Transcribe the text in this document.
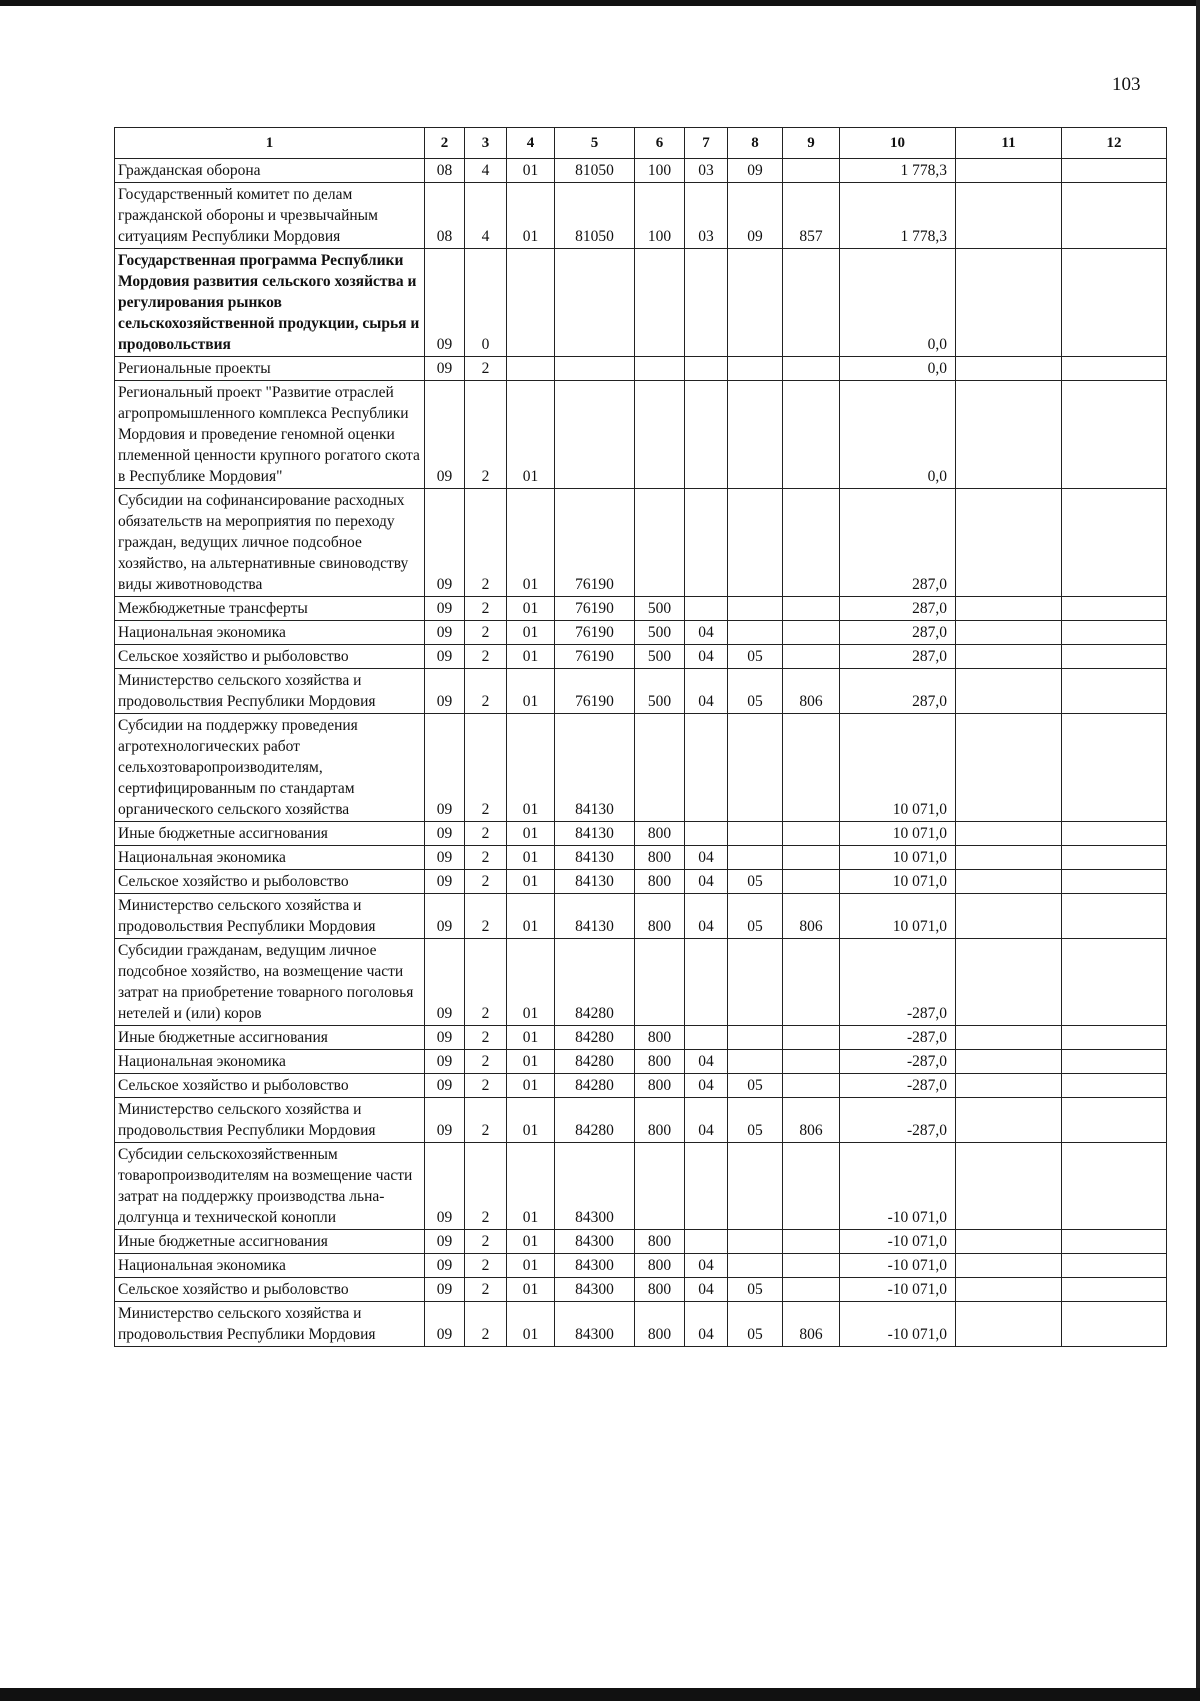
103
1	2	3	4	5	6	7	8	9	10	11	12
Гражданская оборона	08	4	01	81050	100	03	09		1 778,3		
Государственный комитет по делам гражданской обороны и чрезвычайным ситуациям Республики Мордовия	08	4	01	81050	100	03	09	857	1 778,3		
Государственная программа Республики Мордовия развития сельского хозяйства и регулирования рынков сельскохозяйственной продукции, сырья и продовольствия	09	0							0,0		
Региональные проекты	09	2							0,0		
Региональный проект "Развитие отраслей агропромышленного комплекса Республики Мордовия и проведение геномной оценки племенной ценности крупного рогатого скота в Республике Мордовия"	09	2	01						0,0		
Субсидии на софинансирование расходных обязательств на мероприятия по переходу граждан, ведущих личное подсобное хозяйство, на альтернативные свиноводству виды животноводства	09	2	01	76190					287,0		
Межбюджетные трансферты	09	2	01	76190	500				287,0		
Национальная экономика	09	2	01	76190	500	04			287,0		
Сельское хозяйство и рыболовство	09	2	01	76190	500	04	05		287,0		
Министерство сельского хозяйства и продовольствия Республики Мордовия	09	2	01	76190	500	04	05	806	287,0		
Субсидии на поддержку проведения агротехнологических работ сельхозтоваропроизводителям, сертифицированным по стандартам органического сельского хозяйства	09	2	01	84130					10 071,0		
Иные бюджетные ассигнования	09	2	01	84130	800				10 071,0		
Национальная экономика	09	2	01	84130	800	04			10 071,0		
Сельское хозяйство и рыболовство	09	2	01	84130	800	04	05		10 071,0		
Министерство сельского хозяйства и продовольствия Республики Мордовия	09	2	01	84130	800	04	05	806	10 071,0		
Субсидии гражданам, ведущим личное подсобное хозяйство, на возмещение части затрат на приобретение товарного поголовья нетелей и (или) коров	09	2	01	84280					-287,0		
Иные бюджетные ассигнования	09	2	01	84280	800				-287,0		
Национальная экономика	09	2	01	84280	800	04			-287,0		
Сельское хозяйство и рыболовство	09	2	01	84280	800	04	05		-287,0		
Министерство сельского хозяйства и продовольствия Республики Мордовия	09	2	01	84280	800	04	05	806	-287,0		
Субсидии сельскохозяйственным товаропроизводителям на возмещение части затрат на поддержку производства льна-долгунца и технической конопли	09	2	01	84300					-10 071,0		
Иные бюджетные ассигнования	09	2	01	84300	800				-10 071,0		
Национальная экономика	09	2	01	84300	800	04			-10 071,0		
Сельское хозяйство и рыболовство	09	2	01	84300	800	04	05		-10 071,0		
Министерство сельского хозяйства и продовольствия Республики Мордовия	09	2	01	84300	800	04	05	806	-10 071,0		
